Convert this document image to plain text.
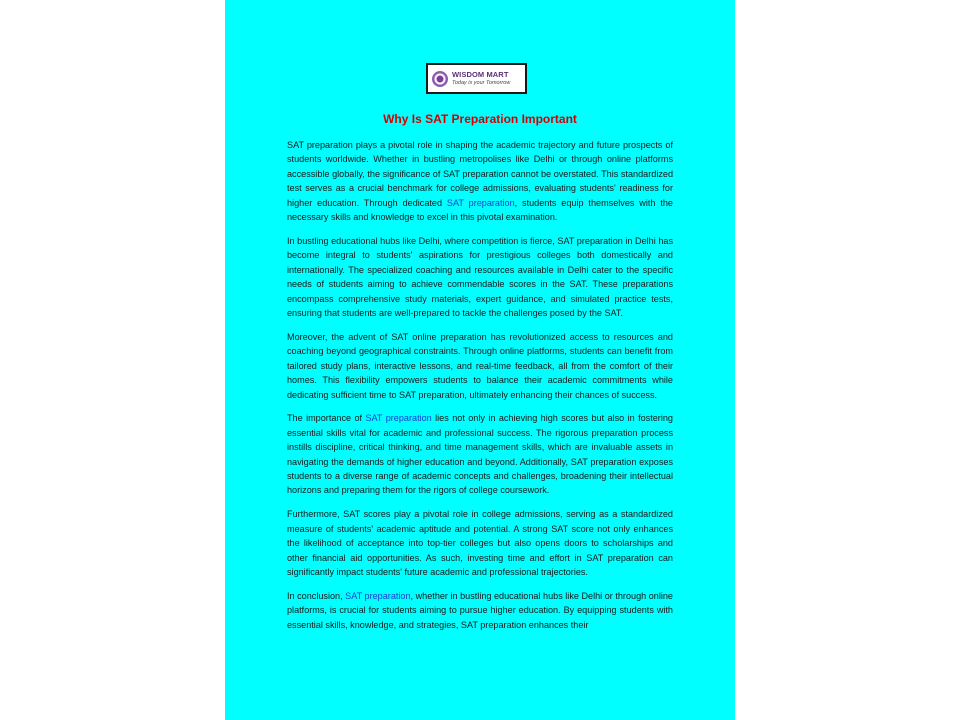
WISDOM MART
Today is your Tomorrow
Why Is SAT Preparation Important

SAT preparation plays a pivotal role in shaping the academic trajectory and future prospects of students worldwide. Whether in bustling metropolises like Delhi or through online platforms accessible globally, the significance of SAT preparation cannot be overstated. This standardized test serves as a crucial benchmark for college admissions, evaluating students' readiness for higher education. Through dedicated SAT preparation, students equip themselves with the necessary skills and knowledge to excel in this pivotal examination.

In bustling educational hubs like Delhi, where competition is fierce, SAT preparation in Delhi has become integral to students' aspirations for prestigious colleges both domestically and internationally. The specialized coaching and resources available in Delhi cater to the specific needs of students aiming to achieve commendable scores in the SAT. These preparations encompass comprehensive study materials, expert guidance, and simulated practice tests, ensuring that students are well-prepared to tackle the challenges posed by the SAT.

Moreover, the advent of SAT online preparation has revolutionized access to resources and coaching beyond geographical constraints. Through online platforms, students can benefit from tailored study plans, interactive lessons, and real-time feedback, all from the comfort of their homes. This flexibility empowers students to balance their academic commitments while dedicating sufficient time to SAT preparation, ultimately enhancing their chances of success.

The importance of SAT preparation lies not only in achieving high scores but also in fostering essential skills vital for academic and professional success. The rigorous preparation process instills discipline, critical thinking, and time management skills, which are invaluable assets in navigating the demands of higher education and beyond. Additionally, SAT preparation exposes students to a diverse range of academic concepts and challenges, broadening their intellectual horizons and preparing them for the rigors of college coursework.

Furthermore, SAT scores play a pivotal role in college admissions, serving as a standardized measure of students' academic aptitude and potential. A strong SAT score not only enhances the likelihood of acceptance into top-tier colleges but also opens doors to scholarships and other financial aid opportunities. As such, investing time and effort in SAT preparation can significantly impact students' future academic and professional trajectories.

In conclusion, SAT preparation, whether in bustling educational hubs like Delhi or through online platforms, is crucial for students aiming to pursue higher education. By equipping students with essential skills, knowledge, and strategies, SAT preparation enhances their
